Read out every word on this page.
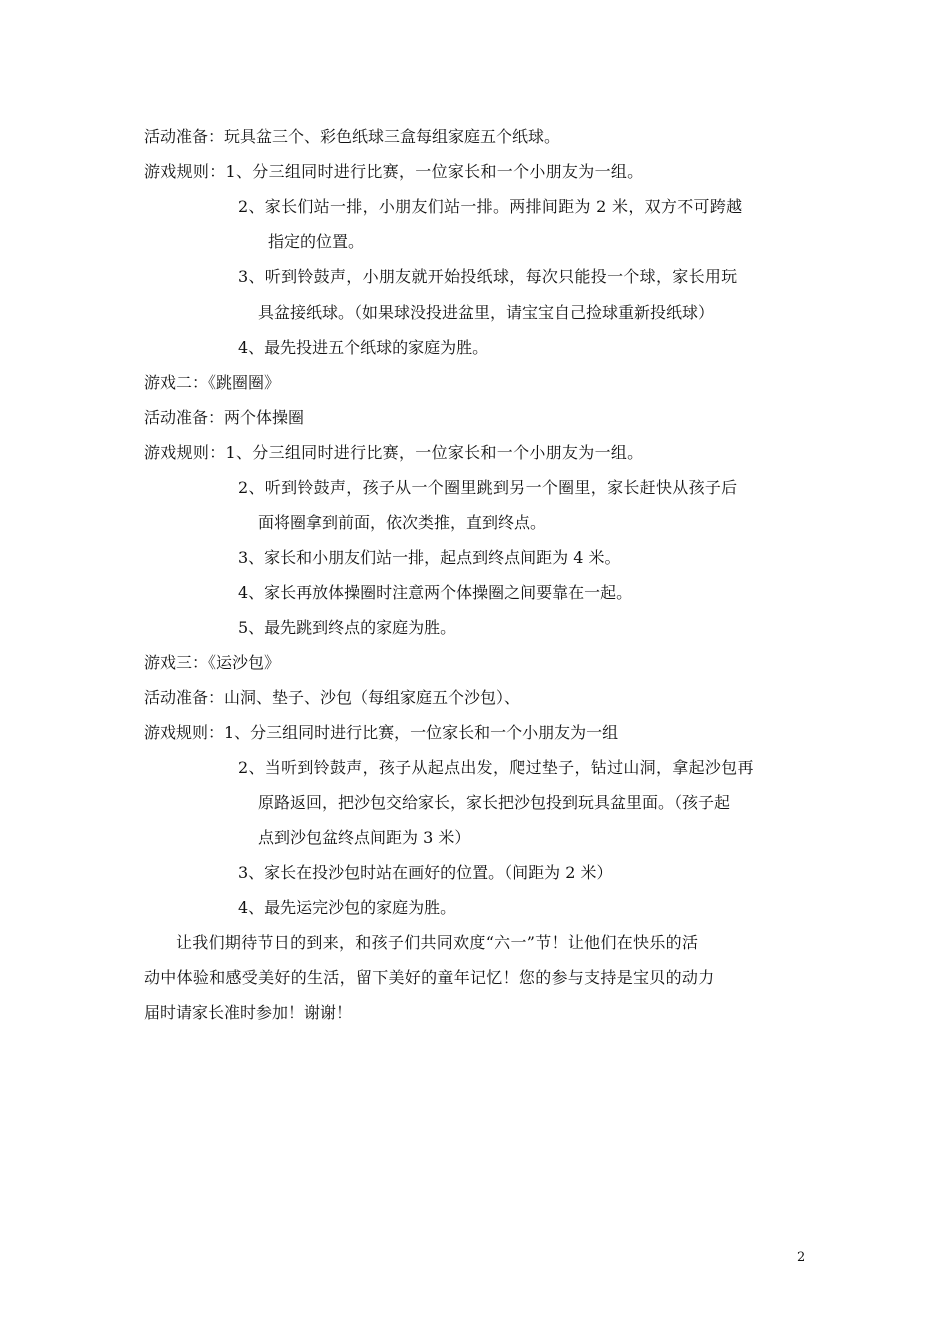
活动准备：玩具盆三个、彩色纸球三盒每组家庭五个纸球。
游戏规则：1、分三组同时进行比赛，一位家长和一个小朋友为一组。
2、家长们站一排，小朋友们站一排。两排间距为 2 米，双方不可跨越
指定的位置。
3、听到铃鼓声，小朋友就开始投纸球，每次只能投一个球，家长用玩
具盆接纸球。（如果球没投进盆里，请宝宝自己捡球重新投纸球）
4、最先投进五个纸球的家庭为胜。
游戏二：《跳圈圈》
活动准备：两个体操圈
游戏规则：1、分三组同时进行比赛，一位家长和一个小朋友为一组。
2、听到铃鼓声，孩子从一个圈里跳到另一个圈里，家长赶快从孩子后
面将圈拿到前面，依次类推，直到终点。
3、家长和小朋友们站一排，起点到终点间距为 4 米。
4、家长再放体操圈时注意两个体操圈之间要靠在一起。
5、最先跳到终点的家庭为胜。
游戏三：《运沙包》
活动准备：山洞、垫子、沙包（每组家庭五个沙包）、
游戏规则：1、分三组同时进行比赛，一位家长和一个小朋友为一组
2、当听到铃鼓声，孩子从起点出发，爬过垫子，钻过山洞，拿起沙包再
原路返回，把沙包交给家长，家长把沙包投到玩具盆里面。（孩子起
点到沙包盆终点间距为 3 米）
3、家长在投沙包时站在画好的位置。（间距为 2 米）
4、最先运完沙包的家庭为胜。
让我们期待节日的到来，和孩子们共同欢度“六一”节！让他们在快乐的活
动中体验和感受美好的生活，留下美好的童年记忆！您的参与支持是宝贝的动力
届时请家长准时参加！谢谢！
2
